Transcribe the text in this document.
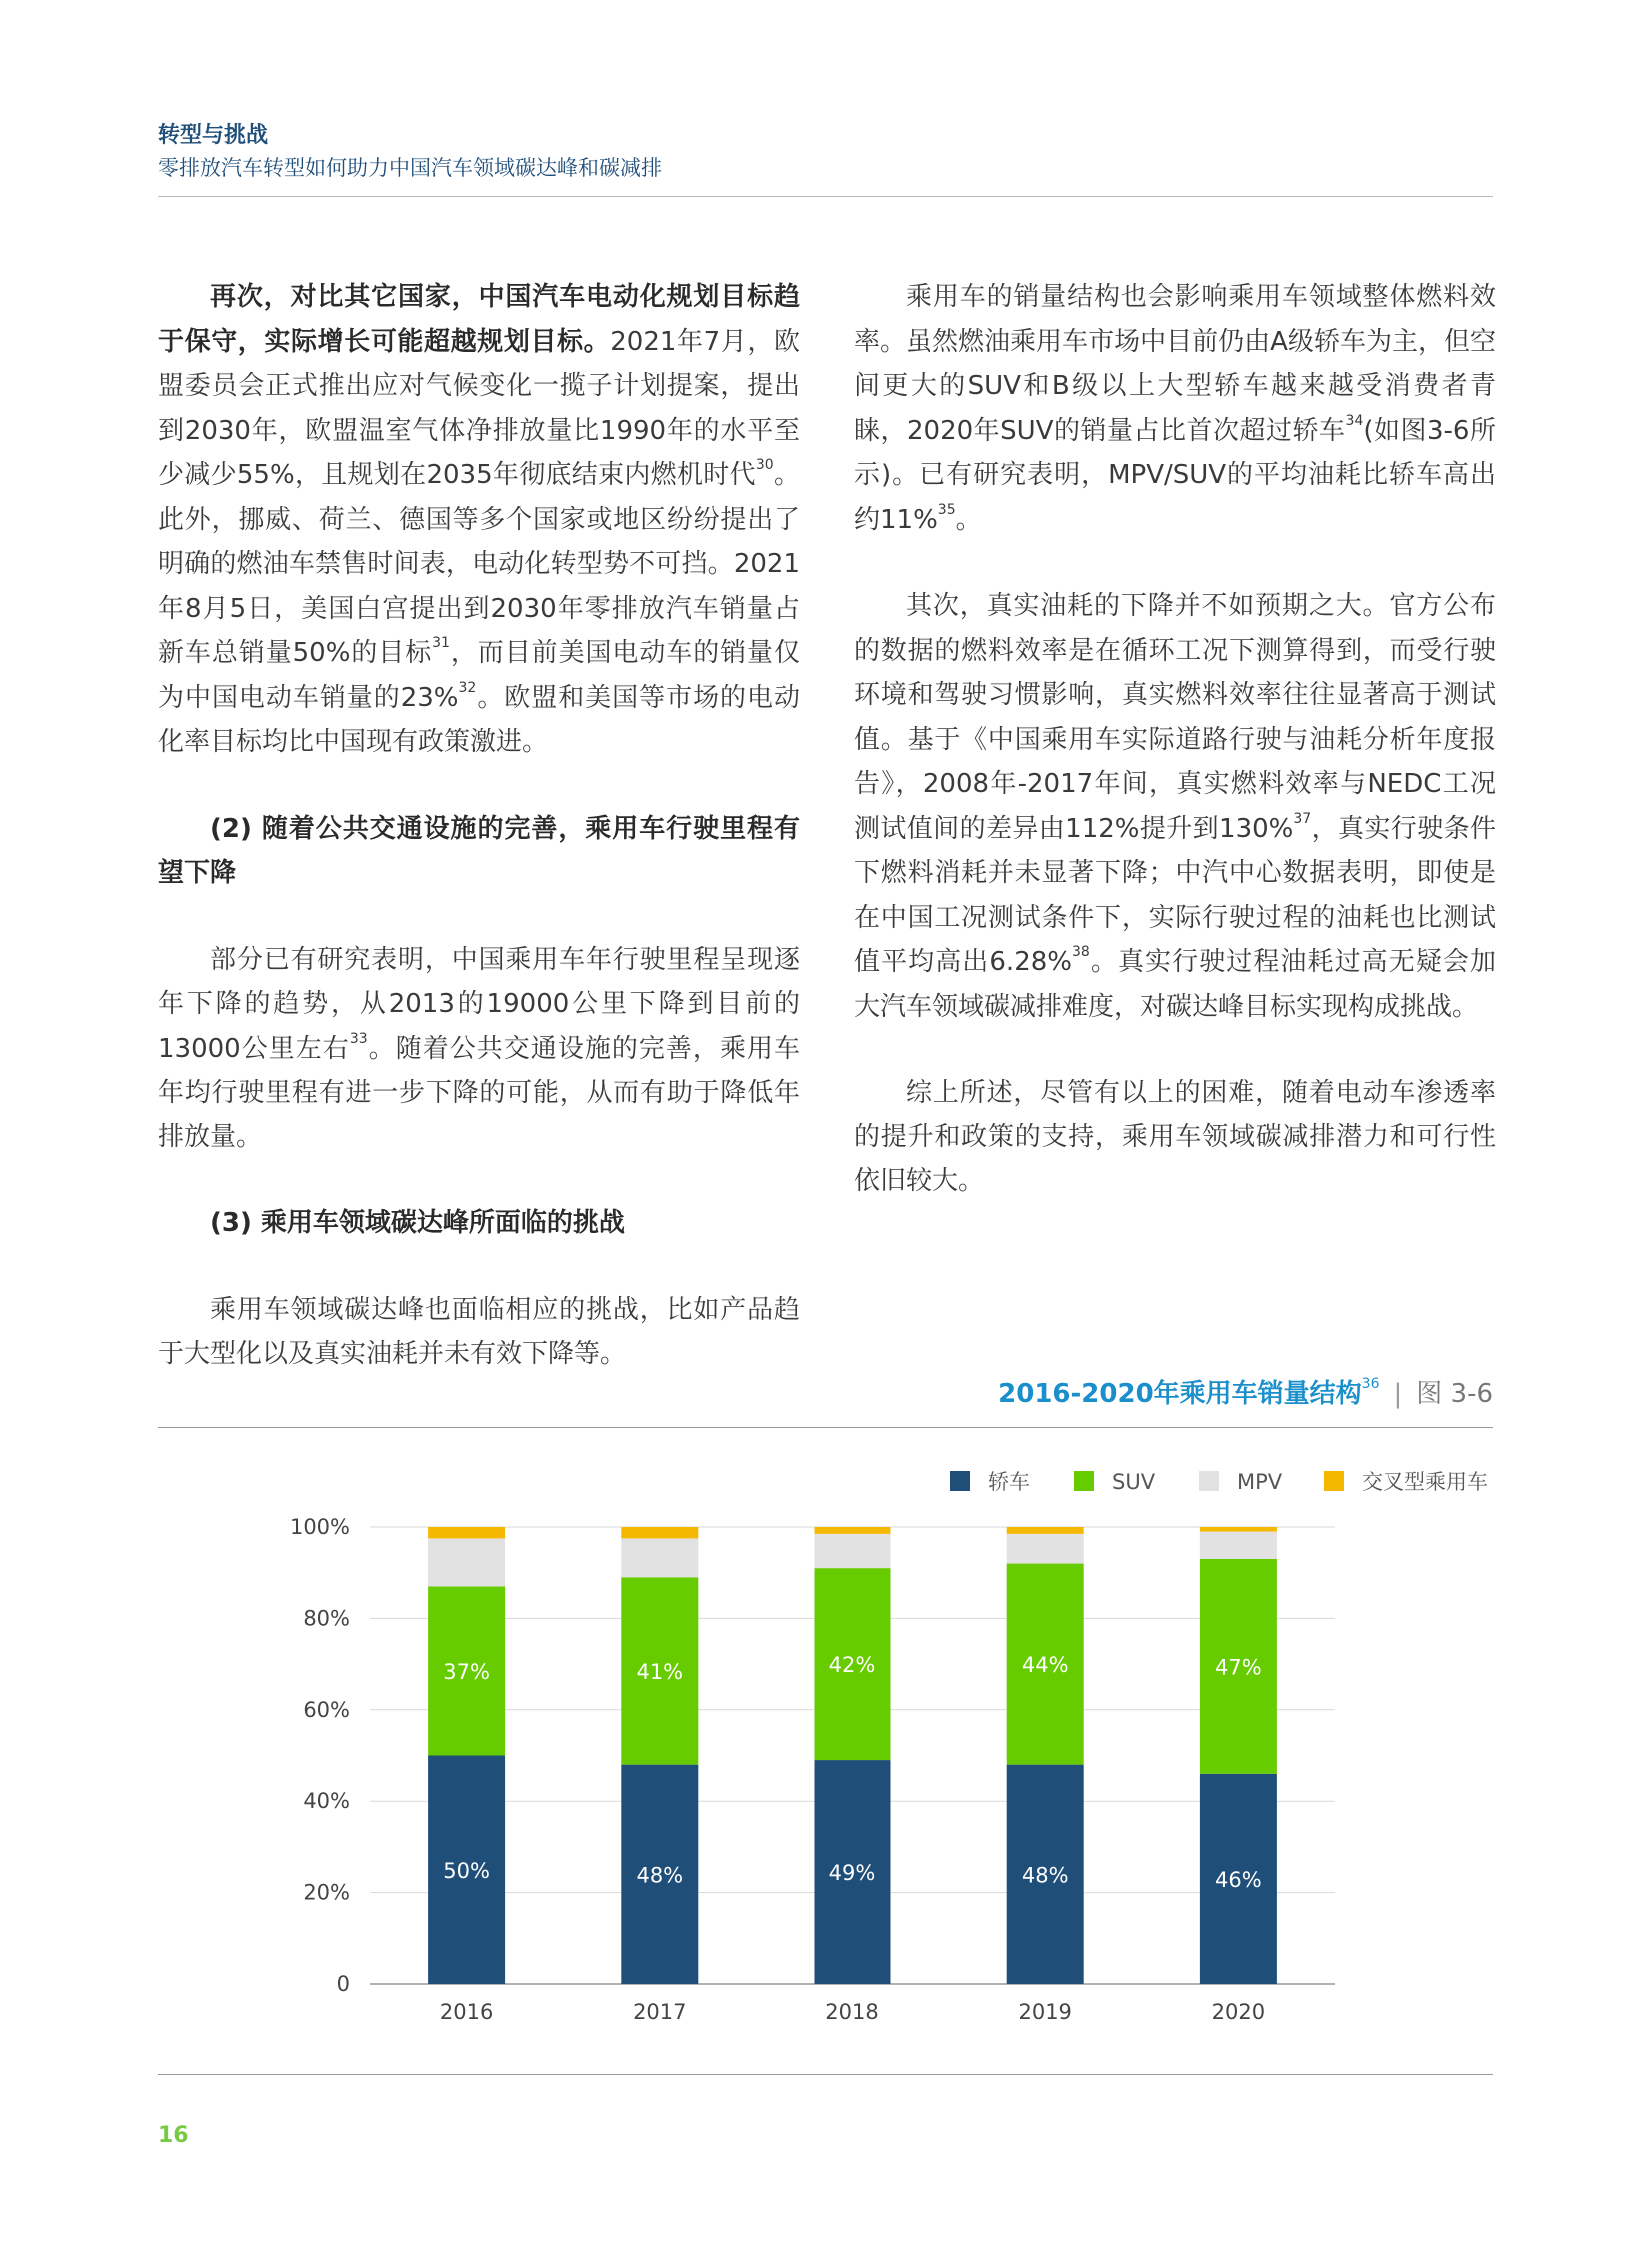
转型与挑战
零排放汽车转型如何助力中国汽车领域碳达峰和碳减排

再次，对比其它国家，中国汽车电动化规划目标趋于保守，实际增长可能超越规划目标。2021年7月，欧盟委员会正式推出应对气候变化一揽子计划提案，提出到2030年，欧盟温室气体净排放量比1990年的水平至少减少55%，且规划在2035年彻底结束内燃机时代$^{30}$。此外，挪威、荷兰、德国等多个国家或地区纷纷提出了明确的燃油车禁售时间表，电动化转型势不可挡。2021年8月5日，美国白宫提出到2030年零排放汽车销量占新车总销量50%的目标$^{31}$，而目前美国电动车的销量仅为中国电动车销量的23%$^{32}$。欧盟和美国等市场的电动化率目标均比中国现有政策激进。

(2) 随着公共交通设施的完善，乘用车行驶里程有望下降

部分已有研究表明，中国乘用车年行驶里程呈现逐年下降的趋势，从2013的19000公里下降到目前的13000公里左右$^{33}$。随着公共交通设施的完善，乘用车年均行驶里程有进一步下降的可能，从而有助于降低年排放量。

(3) 乘用车领域碳达峰所面临的挑战

乘用车领域碳达峰也面临相应的挑战，比如产品趋于大型化以及真实油耗并未有效下降等。

乘用车的销量结构也会影响乘用车领域整体燃料效率。虽然燃油乘用车市场中目前仍由A级轿车为主，但空间更大的SUV和B级以上大型轿车越来越受消费者青睐，2020年SUV的销量占比首次超过轿车$^{34}$(如图3-6所示)。已有研究表明，MPV/SUV的平均油耗比轿车高出约11%$^{35}$。

其次，真实油耗的下降并不如预期之大。官方公布的数据的燃料效率是在循环工况下测算得到，而受行驶环境和驾驶习惯影响，真实燃料效率往往显著高于测试值。基于《中国乘用车实际道路行驶与油耗分析年度报告》，2008年-2017年间，真实燃料效率与NEDC工况测试值间的差异由112%提升到130%$^{37}$，真实行驶条件下燃料消耗并未显著下降；中汽中心数据表明，即使是在中国工况测试条件下，实际行驶过程的油耗也比测试值平均高出6.28%$^{38}$。真实行驶过程油耗过高无疑会加大汽车领域碳减排难度，对碳达峰目标实现构成挑战。

综上所述，尽管有以上的困难，随着电动车渗透率的提升和政策的支持，乘用车领域碳减排潜力和可行性依旧较大。

2016-2020年乘用车销量结构$^{36}$ | 图 3-6
0
20%
40%
60%
80%
100%
50%
37%
2016
48%
41%
2017
49%
42%
2018
48%
44%
2019
46%
47%
2020
轿车	SUV	MPV	交叉型乘用车
16
